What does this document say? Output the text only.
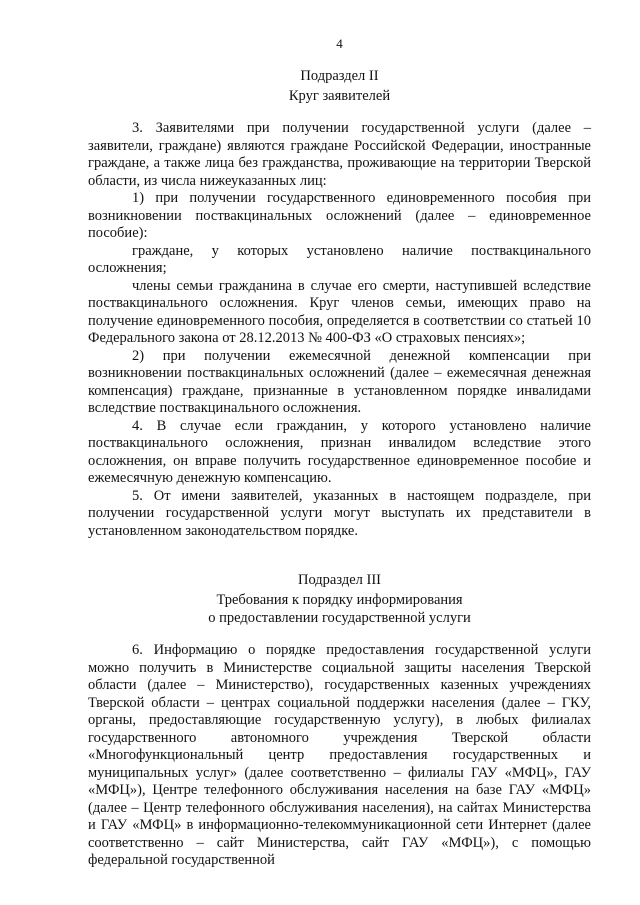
4
Подраздел II
Круг заявителей

3. Заявителями при получении государственной услуги (далее – заявители, граждане) являются граждане Российской Федерации, иностранные граждане, а также лица без гражданства, проживающие на территории Тверской области, из числа нижеуказанных лиц:

1) при получении государственного единовременного пособия при возникновении поствакцинальных осложнений (далее – единовременное пособие):

граждане, у которых установлено наличие поствакцинального осложнения;

члены семьи гражданина в случае его смерти, наступившей вследствие поствакцинального осложнения. Круг членов семьи, имеющих право на получение единовременного пособия, определяется в соответствии со статьей 10 Федерального закона от 28.12.2013 № 400-ФЗ «О страховых пенсиях»;

2) при получении ежемесячной денежной компенсации при возникновении поствакцинальных осложнений (далее – ежемесячная денежная компенсация) граждане, признанные в установленном порядке инвалидами вследствие поствакцинального осложнения.

4. В случае если гражданин, у которого установлено наличие поствакцинального осложнения, признан инвалидом вследствие этого осложнения, он вправе получить государственное единовременное пособие и ежемесячную денежную компенсацию.

5. От имени заявителей, указанных в настоящем подразделе, при получении государственной услуги могут выступать их представители в установленном законодательством порядке.

Подраздел III
Требования к порядку информирования
о предоставлении государственной услуги

6. Информацию о порядке предоставления государственной услуги можно получить в Министерстве социальной защиты населения Тверской области (далее – Министерство), государственных казенных учреждениях Тверской области – центрах социальной поддержки населения (далее – ГКУ, органы, предоставляющие государственную услугу), в любых филиалах государственного автономного учреждения Тверской области «Многофункциональный центр предоставления государственных и муниципальных услуг» (далее соответственно – филиалы ГАУ «МФЦ», ГАУ «МФЦ»), Центре телефонного обслуживания населения на базе ГАУ «МФЦ» (далее – Центр телефонного обслуживания населения), на сайтах Министерства и ГАУ «МФЦ» в информационно-телекоммуникационной сети Интернет (далее соответственно – сайт Министерства, сайт ГАУ «МФЦ»), с помощью федеральной государственной
